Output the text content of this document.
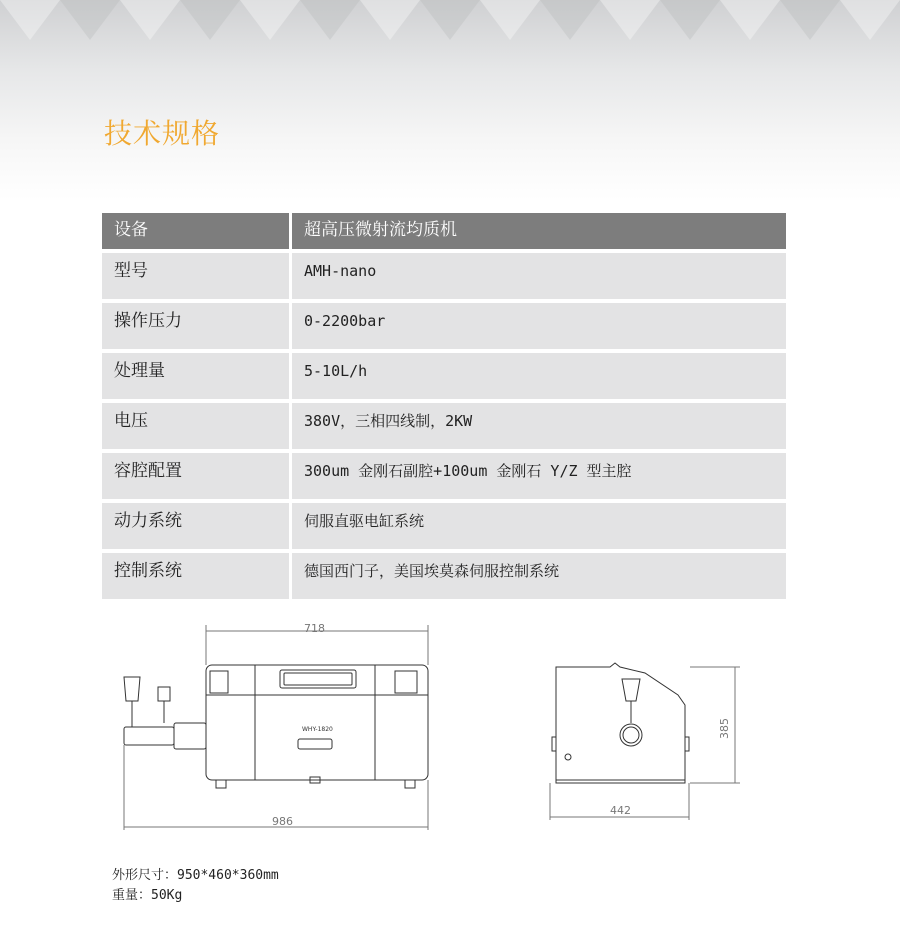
技术规格
设备	超高压微射流均质机
型号	AMH-nano
操作压力	0-2200bar
处理量	5-10L/h
电压	380V，三相四线制，2KW
容腔配置	300um 金刚石副腔+100um 金刚石 Y/Z 型主腔
动力系统	伺服直驱电缸系统
控制系统	德国西门子，美国埃莫森伺服控制系统
718
WHY-1820
986
385
442
外形尺寸：950*460*360mm
重量：50Kg
